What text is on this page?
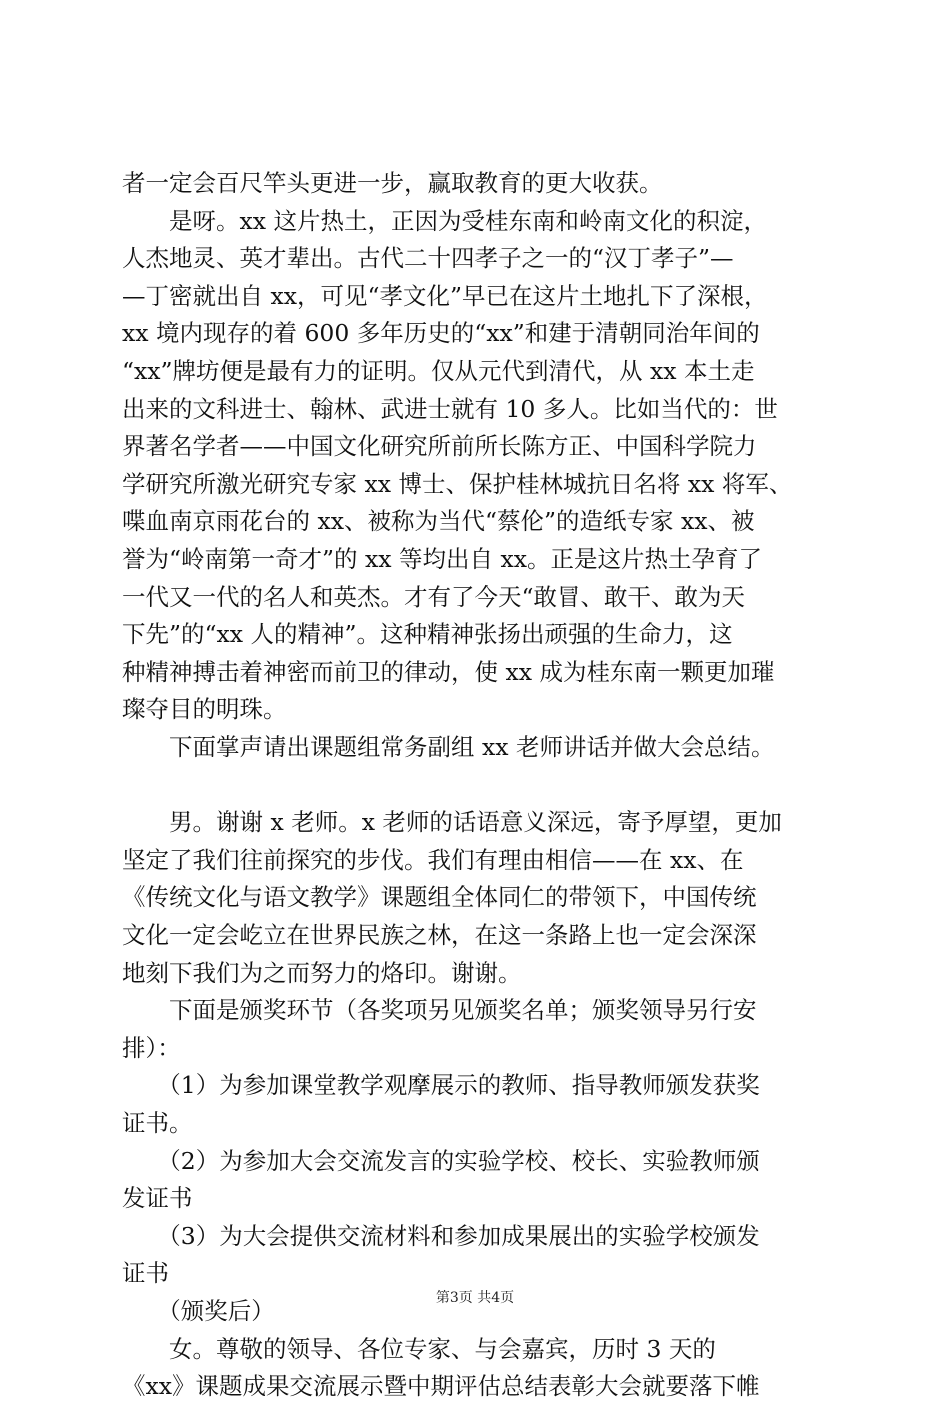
者一定会百尺竿头更进一步，赢取教育的更大收获。
　　是呀。xx 这片热土，正因为受桂东南和岭南文化的积淀，
人杰地灵、英才辈出。古代二十四孝子之一的“汉丁孝子”—
—丁密就出自 xx，可见“孝文化”早已在这片土地扎下了深根，
xx 境内现存的着 600 多年历史的“xx”和建于清朝同治年间的
“xx”牌坊便是最有力的证明。仅从元代到清代，从 xx 本土走
出来的文科进士、翰林、武进士就有 10 多人。比如当代的：世
界著名学者——中国文化研究所前所长陈方正、中国科学院力
学研究所激光研究专家 xx 博士、保护桂林城抗日名将 xx 将军、
喋血南京雨花台的 xx、被称为当代“蔡伦”的造纸专家 xx、被
誉为“岭南第一奇才”的 xx 等均出自 xx。正是这片热土孕育了
一代又一代的名人和英杰。才有了今天“敢冒、敢干、敢为天
下先”的“xx 人的精神”。这种精神张扬出顽强的生命力，这
种精神搏击着神密而前卫的律动，使 xx 成为桂东南一颗更加璀
璨夺目的明珠。
　　下面掌声请出课题组常务副组 xx 老师讲话并做大会总结。
　　男。谢谢 x 老师。x 老师的话语意义深远，寄予厚望，更加
坚定了我们往前探究的步伐。我们有理由相信——在 xx、在
《传统文化与语文教学》课题组全体同仁的带领下，中国传统
文化一定会屹立在世界民族之林，在这一条路上也一定会深深
地刻下我们为之而努力的烙印。谢谢。
　　下面是颁奖环节（各奖项另见颁奖名单；颁奖领导另行安
排）：
　　（1）为参加课堂教学观摩展示的教师、指导教师颁发获奖
证书。
　　（2）为参加大会交流发言的实验学校、校长、实验教师颁
发证书
　　（3）为大会提供交流材料和参加成果展出的实验学校颁发
证书
　　（颁奖后）
　　女。尊敬的领导、各位专家、与会嘉宾，历时 3 天的
《xx》课题成果交流展示暨中期评估总结表彰大会就要落下帷
第3页 共4页
